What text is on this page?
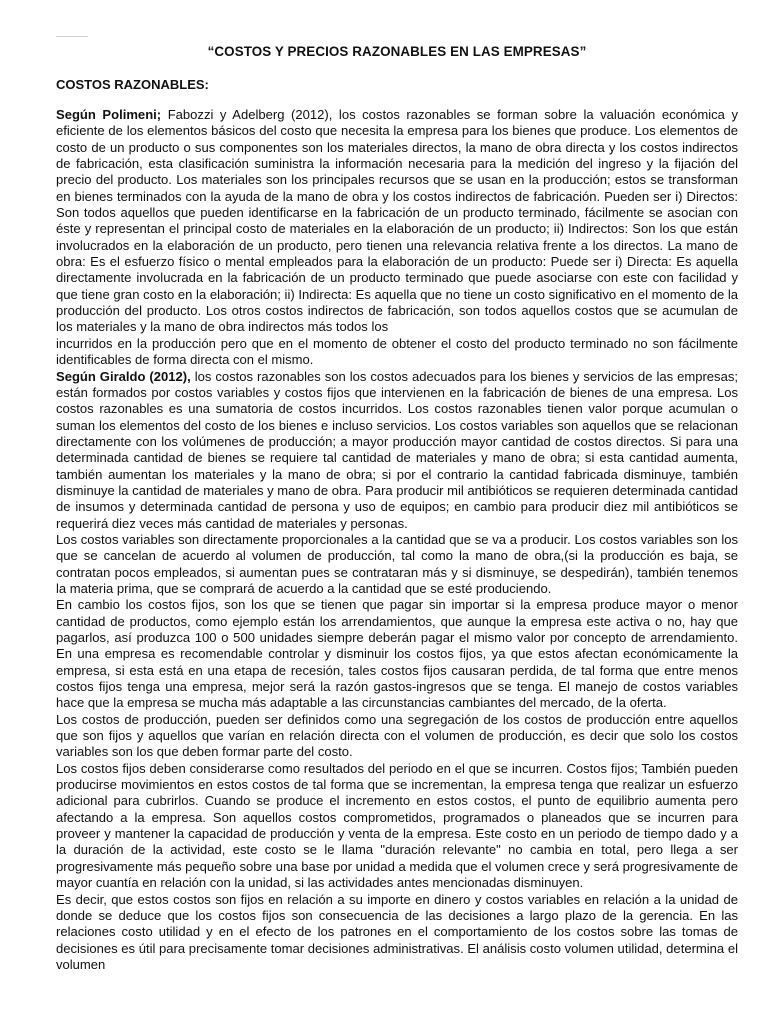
“COSTOS Y PRECIOS RAZONABLES EN LAS EMPRESAS”
COSTOS RAZONABLES:

Según Polimeni; Fabozzi y Adelberg (2012), los costos razonables se forman sobre la valuación económica y eficiente de los elementos básicos del costo que necesita la empresa para los bienes que produce. Los elementos de costo de un producto o sus componentes son los materiales directos, la mano de obra directa y los costos indirectos de fabricación, esta clasificación suministra la información necesaria para la medición del ingreso y la fijación del precio del producto. Los materiales son los principales recursos que se usan en la producción; estos se transforman en bienes terminados con la ayuda de la mano de obra y los costos indirectos de fabricación. Pueden ser i) Directos: Son todos aquellos que pueden identificarse en la fabricación de un producto terminado, fácilmente se asocian con éste y representan el principal costo de materiales en la elaboración de un producto; ii) Indirectos: Son los que están involucrados en la elaboración de un producto, pero tienen una relevancia relativa frente a los directos. La mano de obra: Es el esfuerzo físico o mental empleados para la elaboración de un producto: Puede ser i) Directa: Es aquella directamente involucrada en la fabricación de un producto terminado que puede asociarse con este con facilidad y que tiene gran costo en la elaboración; ii) Indirecta: Es aquella que no tiene un costo significativo en el momento de la producción del producto. Los otros costos indirectos de fabricación, son todos aquellos costos que se acumulan de los materiales y la mano de obra indirectos más todos los

incurridos en la producción pero que en el momento de obtener el costo del producto terminado no son fácilmente identificables de forma directa con el mismo.

Según Giraldo (2012), los costos razonables son los costos adecuados para los bienes y servicios de las empresas; están formados por costos variables y costos fijos que intervienen en la fabricación de bienes de una empresa. Los costos razonables es una sumatoria de costos incurridos. Los costos razonables tienen valor porque acumulan o suman los elementos del costo de los bienes e incluso servicios. Los costos variables son aquellos que se relacionan directamente con los volúmenes de producción; a mayor producción mayor cantidad de costos directos. Si para una determinada cantidad de bienes se requiere tal cantidad de materiales y mano de obra; si esta cantidad aumenta, también aumentan los materiales y la mano de obra; si por el contrario la cantidad fabricada disminuye, también disminuye la cantidad de materiales y mano de obra. Para producir mil antibióticos se requieren determinada cantidad de insumos y determinada cantidad de persona y uso de equipos; en cambio para producir diez mil antibióticos se requerirá diez veces más cantidad de materiales y personas.

Los costos variables son directamente proporcionales a la cantidad que se va a producir. Los costos variables son los que se cancelan de acuerdo al volumen de producción, tal como la mano de obra,(si la producción es baja, se contratan pocos empleados, si aumentan pues se contrataran más y si disminuye, se despedirán), también tenemos la materia prima, que se comprará de acuerdo a la cantidad que se esté produciendo.

En cambio los costos fijos, son los que se tienen que pagar sin importar si la empresa produce mayor o menor cantidad de productos, como ejemplo están los arrendamientos, que aunque la empresa este activa o no, hay que pagarlos, así produzca 100 o 500 unidades siempre deberán pagar el mismo valor por concepto de arrendamiento. En una empresa es recomendable controlar y disminuir los costos fijos, ya que estos afectan económicamente la empresa, si esta está en una etapa de recesión, tales costos fijos causaran perdida, de tal forma que entre menos costos fijos tenga una empresa, mejor será la razón gastos-ingresos que se tenga. El manejo de costos variables hace que la empresa se mucha más adaptable a las circunstancias cambiantes del mercado, de la oferta.

Los costos de producción, pueden ser definidos como una segregación de los costos de producción entre aquellos que son fijos y aquellos que varían en relación directa con el volumen de producción, es decir que solo los costos variables son los que deben formar parte del costo.

Los costos fijos deben considerarse como resultados del periodo en el que se incurren. Costos fijos; También pueden producirse movimientos en estos costos de tal forma que se incrementan, la empresa tenga que realizar un esfuerzo adicional para cubrirlos. Cuando se produce el incremento en estos costos, el punto de equilibrio aumenta pero afectando a la empresa. Son aquellos costos comprometidos, programados o planeados que se incurren para proveer y mantener la capacidad de producción y venta de la empresa. Este costo en un periodo de tiempo dado y a la duración de la actividad, este costo se le llama "duración relevante" no cambia en total, pero llega a ser progresivamente más pequeño sobre una base por unidad a medida que el volumen crece y será progresivamente de mayor cuantía en relación con la unidad, si las actividades antes mencionadas disminuyen.

Es decir, que estos costos son fijos en relación a su importe en dinero y costos variables en relación a la unidad de donde se deduce que los costos fijos son consecuencia de las decisiones a largo plazo de la gerencia. En las relaciones costo utilidad y en el efecto de los patrones en el comportamiento de los costos sobre las tomas de decisiones es útil para precisamente tomar decisiones administrativas. El análisis costo volumen utilidad, determina el volumen
